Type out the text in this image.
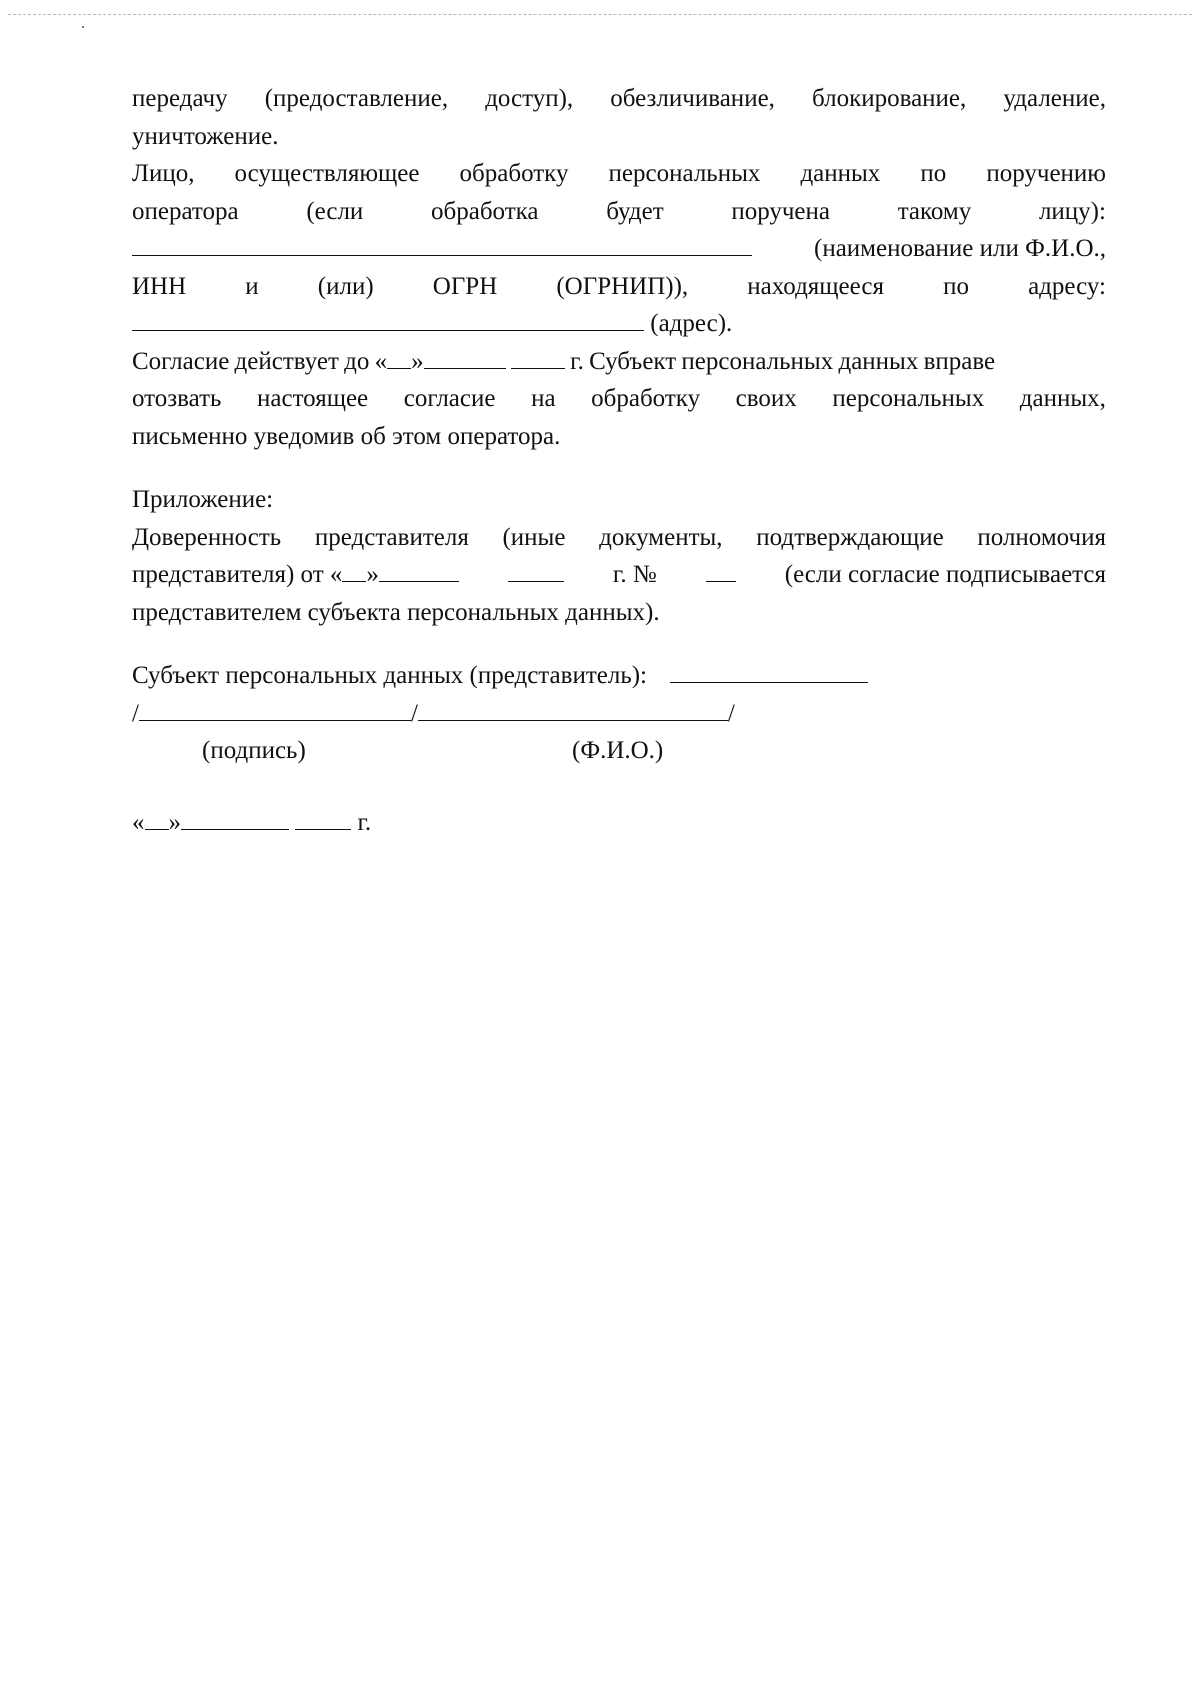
передачу (предоставление, доступ), обезличивание, блокирование, удаление,
уничтожение.
Лицо, осуществляющее обработку персональных данных по поручению
оператора	(если	обработка	будет	поручена	такому	лицу):
(наименование или Ф.И.О.,
ИНН и (или) ОГРН (ОГРНИП)), находящееся по адресу:
(адрес).
Согласие действует до « »	г. Субъект персональных данных вправе
отозвать настоящее согласие на обработку своих персональных данных,
письменно уведомив об этом оператора.
Приложение:
Доверенность представителя (иные документы, подтверждающие полномочия
представителя) от « »	г. №	(если согласие подписывается
представителем субъекта персональных данных).
Субъект персональных данных (представитель):
/	/	/
(подпись)	(Ф.И.О.)
« »	г.
